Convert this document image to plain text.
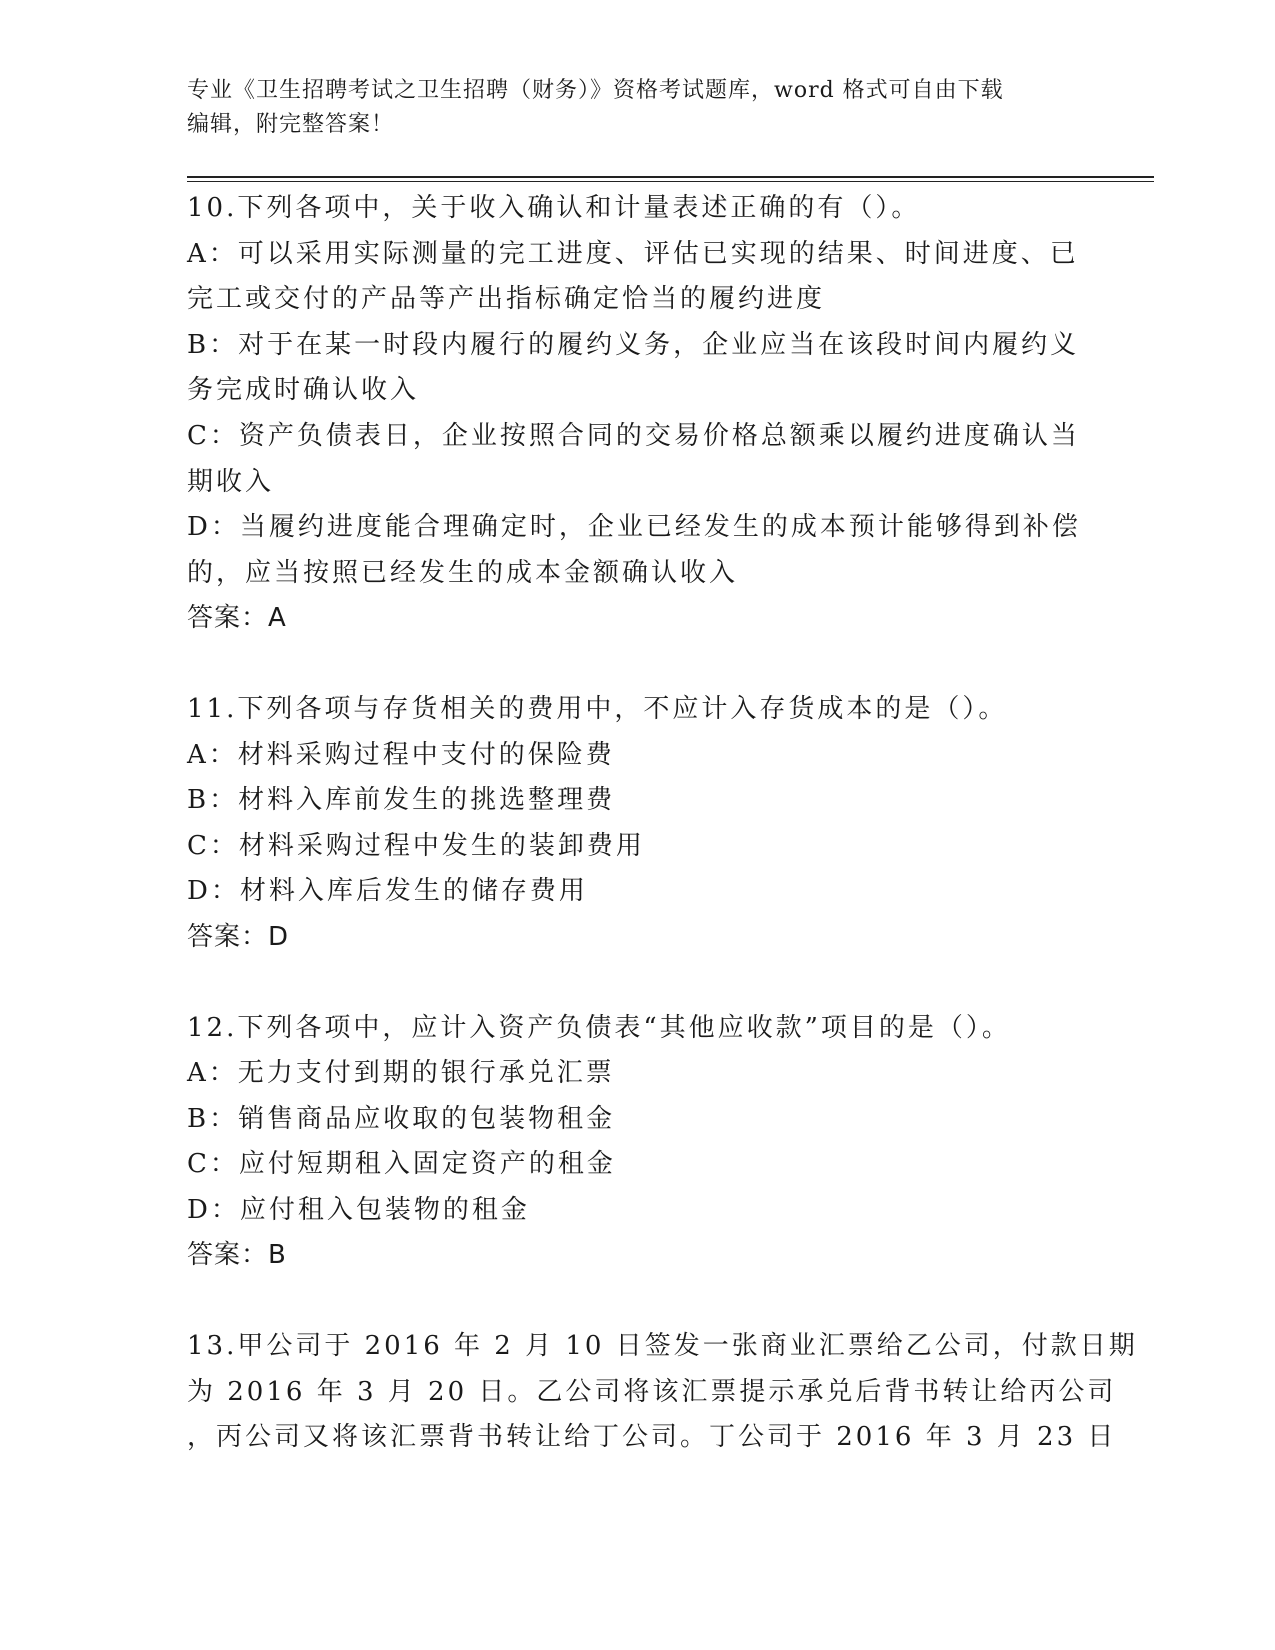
专业《卫生招聘考试之卫生招聘（财务）》资格考试题库，word 格式可自由下载
编辑，附完整答案！
10.下列各项中，关于收入确认和计量表述正确的有（）。
A：可以采用实际测量的完工进度、评估已实现的结果、时间进度、已
完工或交付的产品等产出指标确定恰当的履约进度
B：对于在某一时段内履行的履约义务，企业应当在该段时间内履约义
务完成时确认收入
C：资产负债表日，企业按照合同的交易价格总额乘以履约进度确认当
期收入
D：当履约进度能合理确定时，企业已经发生的成本预计能够得到补偿
的，应当按照已经发生的成本金额确认收入
答案：A
11.下列各项与存货相关的费用中，不应计入存货成本的是（）。
A：材料采购过程中支付的保险费
B：材料入库前发生的挑选整理费
C：材料采购过程中发生的装卸费用
D：材料入库后发生的储存费用
答案：D
12.下列各项中，应计入资产负债表“其他应收款”项目的是（）。
A：无力支付到期的银行承兑汇票
B：销售商品应收取的包装物租金
C：应付短期租入固定资产的租金
D：应付租入包装物的租金
答案：B
13.甲公司于 2016 年 2 月 10 日签发一张商业汇票给乙公司，付款日期
为 2016 年 3 月 20 日。乙公司将该汇票提示承兑后背书转让给丙公司
，丙公司又将该汇票背书转让给丁公司。丁公司于 2016 年 3 月 23 日
